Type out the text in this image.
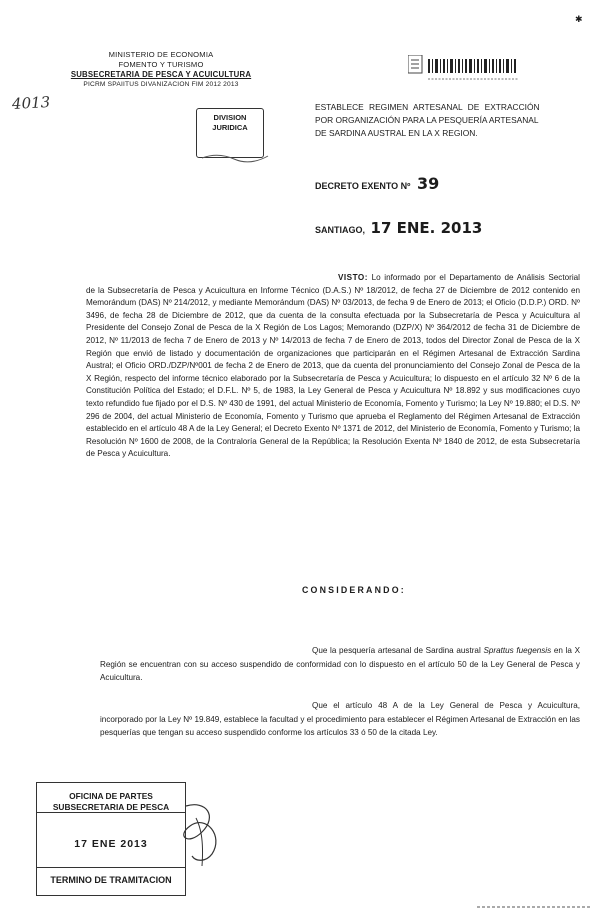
✱
MINISTERIO DE ECONOMIA
FOMENTO Y TURISMO
SUBSECRETARIA DE PESCA Y ACUICULTURA
PICRM SPAIITUS DIVANIZACION FIM 2012 2013
4013
DIVISION
JURIDICA
ESTABLECE REGIMEN ARTESANAL DE EXTRACCIÓN
POR ORGANIZACIÓN PARA LA PESQUERÍA ARTESANAL
DE SARDINA AUSTRAL EN LA X REGION.
DECRETO EXENTO Nº 39
SANTIAGO, 17 ENE. 2013
VISTO: Lo informado por el Departamento de Análisis Sectorial de la Subsecretaría de Pesca y Acuicultura en Informe Técnico (D.A.S.) Nº 18/2012, de fecha 27 de Diciembre de 2012 contenido en Memorándum (DAS) Nº 214/2012, y mediante Memorándum (DAS) Nº 03/2013, de fecha 9 de Enero de 2013; el Oficio (D.D.P.) ORD. Nº 3496, de fecha 28 de Diciembre de 2012, que da cuenta de la consulta efectuada por la Subsecretaría de Pesca y Acuicultura al Presidente del Consejo Zonal de Pesca de la X Región de Los Lagos; Memorando (DZP/X) Nº 364/2012 de fecha 31 de Diciembre de 2012, Nº 11/2013 de fecha 7 de Enero de 2013 y Nº 14/2013 de fecha 7 de Enero de 2013, todos del Director Zonal de Pesca de la X Región que envió de listado y documentación de organizaciones que participarán en el Régimen Artesanal de Extracción Sardina Austral; el Oficio ORD./DZP/Nº001 de fecha 2 de Enero de 2013, que da cuenta del pronunciamiento del Consejo Zonal de Pesca de la X Región, respecto del informe técnico elaborado por la Subsecretaría de Pesca y Acuicultura; lo dispuesto en el artículo 32 Nº 6 de la Constitución Política del Estado; el D.F.L. Nº 5, de 1983, la Ley General de Pesca y Acuicultura Nº 18.892 y sus modificaciones cuyo texto refundido fue fijado por el D.S. Nº 430 de 1991, del actual Ministerio de Economía, Fomento y Turismo; la Ley Nº 19.880; el D.S. Nº 296 de 2004, del actual Ministerio de Economía, Fomento y Turismo que aprueba el Reglamento del Régimen Artesanal de Extracción establecido en el artículo 48 A de la Ley General; el Decreto Exento Nº 1371 de 2012, del Ministerio de Economía, Fomento y Turismo; la Resolución Nº 1600 de 2008, de la Contraloría General de la República; la Resolución Exenta Nº 1840 de 2012, de esta Subsecretaría de Pesca y Acuicultura.
CONSIDERANDO:
Que la pesquería artesanal de Sardina austral Sprattus fuegensis en la X Región se encuentran con su acceso suspendido de conformidad con lo dispuesto en el artículo 50 de la Ley General de Pesca y Acuicultura.
Que el artículo 48 A de la Ley General de Pesca y Acuicultura, incorporado por la Ley Nº 19.849, establece la facultad y el procedimiento para establecer el Régimen Artesanal de Extracción en las pesquerías que tengan su acceso suspendido conforme los artículos 33 ó 50 de la citada Ley.
OFICINA DE PARTES
SUBSECRETARIA DE PESCA
17 ENE 2013
TERMINO DE TRAMITACION
